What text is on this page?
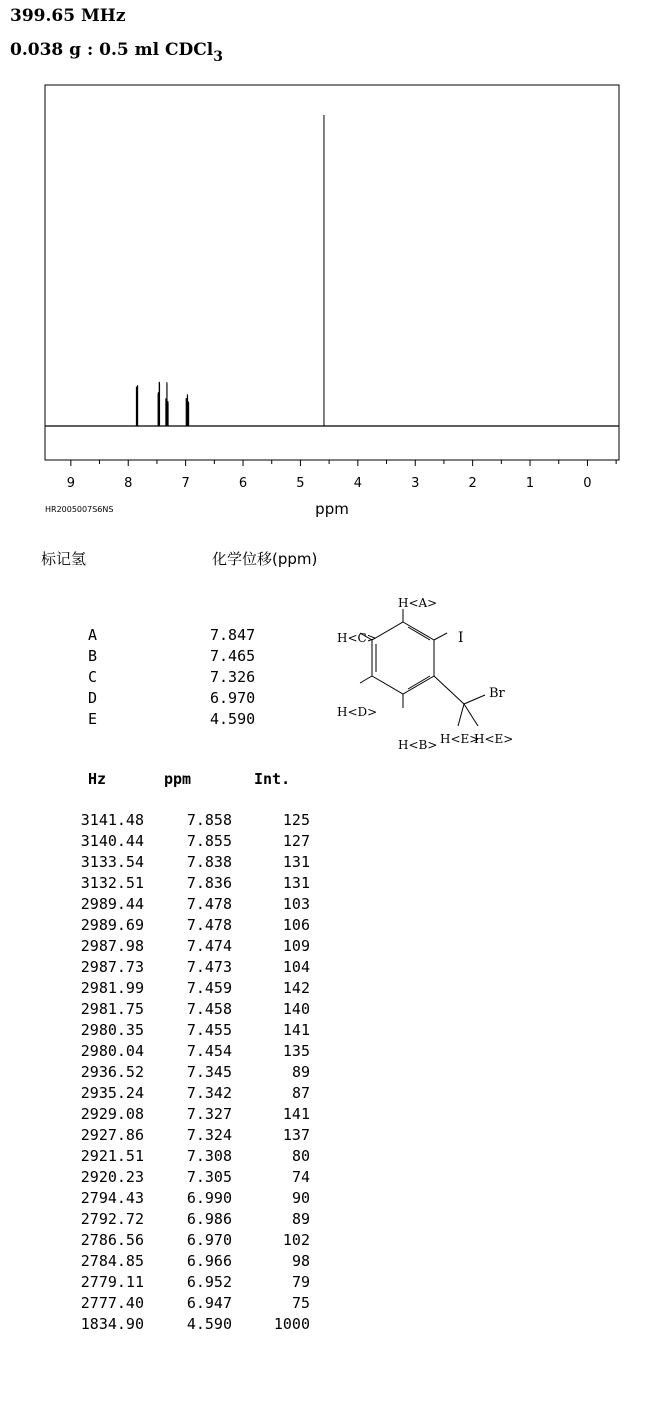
399.65 MHz
0.038 g : 0.5 ml CDCl$_3$
9	8	7	6	5	4	3	2	1	0
ppm
HR2005007S6NS
标记氢	化学位移(ppm)
A	7.847
B	7.465
C	7.326
D	6.970
E	4.590
H<A>
I
H<C>
H<D>
H<B>
Br
H<E>
H<E>
Hz	ppm	Int.
3141.48	7.858	125
3140.44	7.855	127
3133.54	7.838	131
3132.51	7.836	131
2989.44	7.478	103
2989.69	7.478	106
2987.98	7.474	109
2987.73	7.473	104
2981.99	7.459	142
2981.75	7.458	140
2980.35	7.455	141
2980.04	7.454	135
2936.52	7.345	89
2935.24	7.342	87
2929.08	7.327	141
2927.86	7.324	137
2921.51	7.308	80
2920.23	7.305	74
2794.43	6.990	90
2792.72	6.986	89
2786.56	6.970	102
2784.85	6.966	98
2779.11	6.952	79
2777.40	6.947	75
1834.90	4.590	1000
